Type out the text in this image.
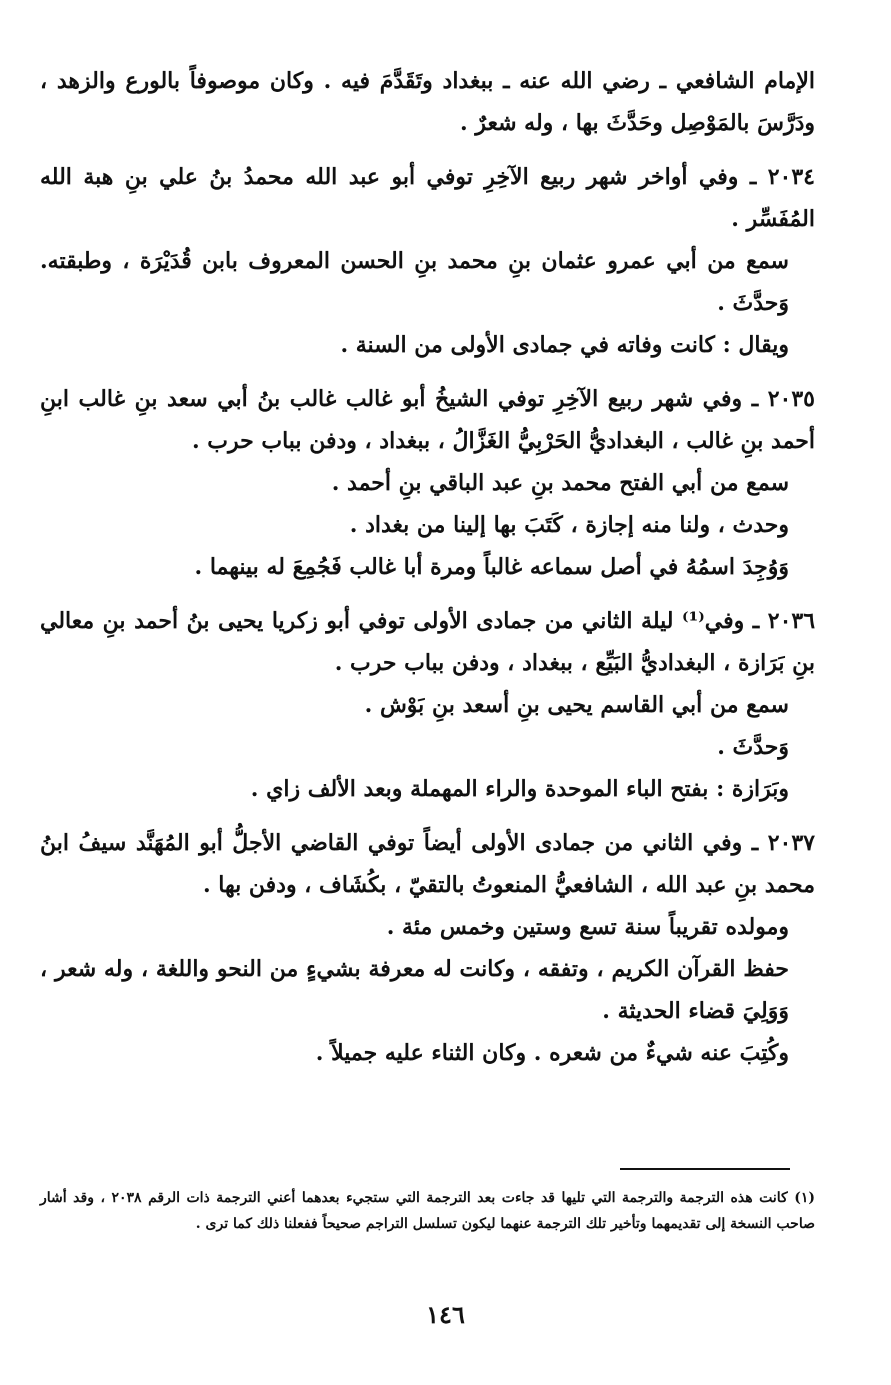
الإمام الشافعي ـ رضي الله عنه ـ ببغداد وتَقَدَّمَ فيه . وكان موصوفاً بالورع والزهد ، ودَرَّسَ بالمَوْصِل وحَدَّثَ بها ، وله شعرٌ .

٢٠٣٤ ـ وفي أواخر شهر ربيع الآخِرِ توفي أبو عبد الله محمدُ بنُ علي بنِ هبة الله المُفَسِّر .

سمع من أبي عمرو عثمان بنِ محمد بنِ الحسن المعروف بابن قُدَيْرَة ، وطبقته. وَحدَّثَ .

ويقال : كانت وفاته في جمادى الأولى من السنة .

٢٠٣٥ ـ وفي شهر ربيع الآخِرِ توفي الشيخُ أبو غالب غالب بنُ أبي سعد بنِ غالب ابنِ أحمد بنِ غالب ، البغداديُّ الحَرْبِيُّ الغَزَّالُ ، ببغداد ، ودفن بباب حرب .

سمع من أبي الفتح محمد بنِ عبد الباقي بنِ أحمد .

وحدث ، ولنا منه إجازة ، كَتَبَ بها إلينا من بغداد .

وَوُجِدَ اسمُهُ في أصل سماعه غالباً ومرة أبا غالب فَجُمِعَ له بينهما .

٢٠٣٦ ـ وفي⁽¹⁾ ليلة الثاني من جمادى الأولى توفي أبو زكريا يحيى بنُ أحمد بنِ معالي بنِ بَرَازة ، البغداديُّ البَيِّع ، ببغداد ، ودفن بباب حرب .

سمع من أبي القاسم يحيى بنِ أسعد بنِ بَوْش .

وَحدَّثَ .

وبَرَازة : بفتح الباء الموحدة والراء المهملة وبعد الألف زاي .

٢٠٣٧ ـ وفي الثاني من جمادى الأولى أيضاً توفي القاضي الأجلُّ أبو المُهَنَّد سيفُ ابنُ محمد بنِ عبد الله ، الشافعيُّ المنعوتُ بالتقيّ ، بكُشَاف ، ودفن بها .

ومولده تقريباً سنة تسع وستين وخمس مئة .

حفظ القرآن الكريم ، وتفقه ، وكانت له معرفة بشيءٍ من النحو واللغة ، وله شعر ، وَوَلِيَ قضاء الحديثة .

وكُتِبَ عنه شيءٌ من شعره . وكان الثناء عليه جميلاً .

(١) كانت هذه الترجمة والترجمة التي تليها قد جاءت بعد الترجمة التي ستجيء بعدهما أعني الترجمة ذات الرقم ٢٠٣٨ ، وقد أشار صاحب النسخة إلى تقديمهما وتأخير تلك الترجمة عنهما ليكون تسلسل التراجم صحيحاً ففعلنا ذلك كما ترى .

١٤٦
